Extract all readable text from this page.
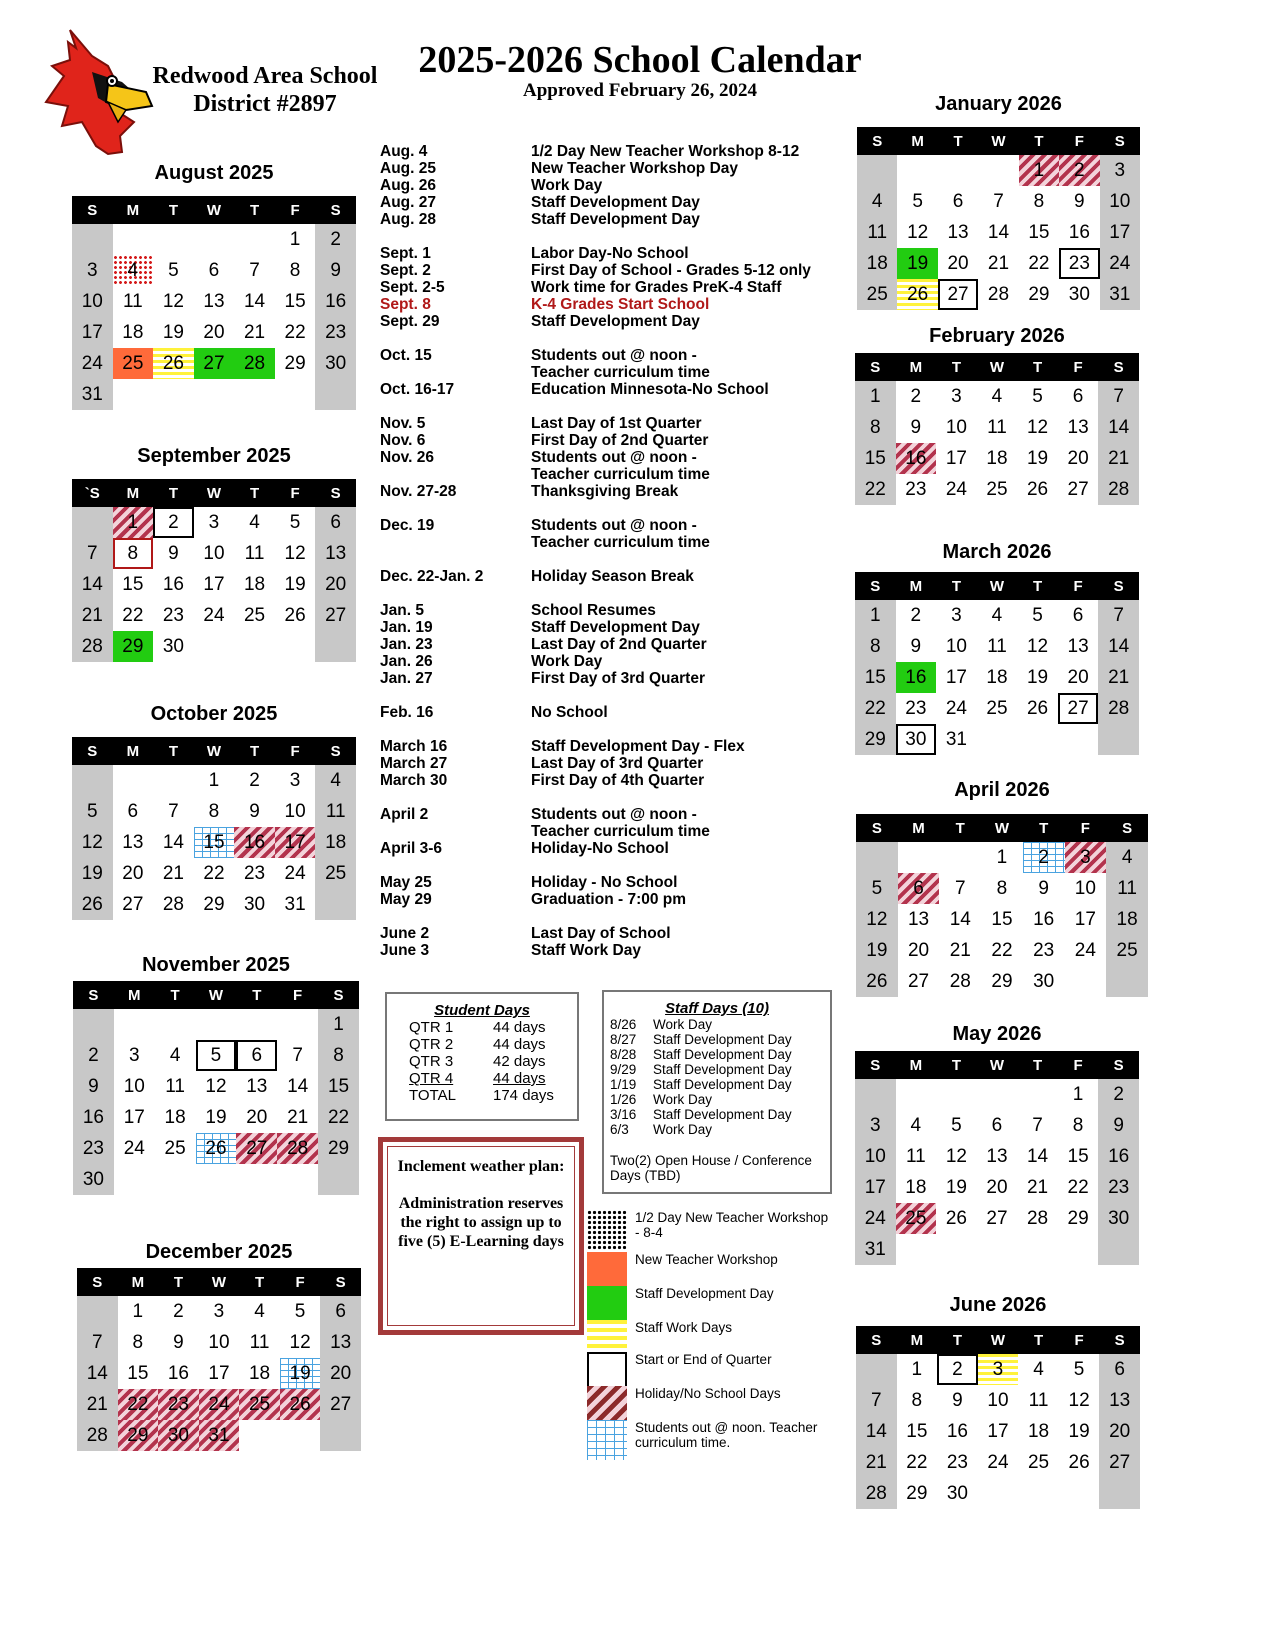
Redwood Area School
District #2897
2025-2026 School Calendar
Approved February 26, 2024
August 2025
S	M	T	W	T	F	S
					1	2
3	4	5	6	7	8	9
10	11	12	13	14	15	16
17	18	19	20	21	22	23
24	25	26	27	28	29	30
31						
September 2025
`S	M	T	W	T	F	S
	1	2	3	4	5	6
7	8	9	10	11	12	13
14	15	16	17	18	19	20
21	22	23	24	25	26	27
28	29	30				
October 2025
S	M	T	W	T	F	S
			1	2	3	4
5	6	7	8	9	10	11
12	13	14	15	16	17	18
19	20	21	22	23	24	25
26	27	28	29	30	31	
November 2025
S	M	T	W	T	F	S
						1
2	3	4	5	6	7	8
9	10	11	12	13	14	15
16	17	18	19	20	21	22
23	24	25	26	27	28	29
30						
December 2025
S	M	T	W	T	F	S
	1	2	3	4	5	6
7	8	9	10	11	12	13
14	15	16	17	18	19	20
21	22	23	24	25	26	27
28	29	30	31			
January 2026
S	M	T	W	T	F	S
				1	2	3
4	5	6	7	8	9	10
11	12	13	14	15	16	17
18	19	20	21	22	23	24
25	26	27	28	29	30	31
February 2026
S	M	T	W	T	F	S
1	2	3	4	5	6	7
8	9	10	11	12	13	14
15	16	17	18	19	20	21
22	23	24	25	26	27	28
March 2026
S	M	T	W	T	F	S
1	2	3	4	5	6	7
8	9	10	11	12	13	14
15	16	17	18	19	20	21
22	23	24	25	26	27	28
29	30	31				
April 2026
S	M	T	W	T	F	S
			1	2	3	4
5	6	7	8	9	10	11
12	13	14	15	16	17	18
19	20	21	22	23	24	25
26	27	28	29	30		
May 2026
S	M	T	W	T	F	S
					1	2
3	4	5	6	7	8	9
10	11	12	13	14	15	16
17	18	19	20	21	22	23
24	25	26	27	28	29	30
31						
June 2026
S	M	T	W	T	F	S
	1	2	3	4	5	6
7	8	9	10	11	12	13
14	15	16	17	18	19	20
21	22	23	24	25	26	27
28	29	30				
Aug. 4	1/2 Day New Teacher Workshop 8-12
Aug. 25	New Teacher Workshop Day
Aug. 26	Work Day
Aug. 27	Staff Development Day
Aug. 28	Staff Development Day
Sept. 1	Labor Day-No School
Sept. 2	First Day of School - Grades 5-12 only
Sept. 2-5	Work time for Grades PreK-4 Staff
Sept. 8	K-4 Grades Start School
Sept. 29	Staff Development Day
Oct. 15	Students out @ noon -
Teacher curriculum time
Oct. 16-17	Education Minnesota-No School
Nov. 5	Last Day of 1st Quarter
Nov. 6	First Day of 2nd Quarter
Nov. 26	Students out @ noon -
Teacher curriculum time
Nov. 27-28	Thanksgiving Break
Dec. 19	Students out @ noon -
Teacher curriculum time
Dec. 22-Jan. 2	Holiday Season Break
Jan. 5	School Resumes
Jan. 19	Staff Development Day
Jan. 23	Last Day of 2nd Quarter
Jan. 26	Work Day
Jan. 27	First Day of 3rd Quarter
Feb. 16	No School
March 16	Staff Development Day - Flex
March 27	Last Day of 3rd Quarter
March 30	First Day of 4th Quarter
April 2	Students out @ noon -
Teacher curriculum time
April 3-6	Holiday-No School
May 25	Holiday - No School
May 29	Graduation - 7:00 pm
June 2	Last Day of School
June 3	Staff Work Day
Student Days
QTR 1	44 days
QTR 2	44 days
QTR 3	42 days
QTR 4	44 days
TOTAL	174 days
Staff Days (10)
8/26	Work Day
8/27	Staff Development Day
8/28	Staff Development Day
9/29	Staff Development Day
1/19	Staff Development Day
1/26	Work Day
3/16	Staff Development Day
6/3	Work Day
Two(2) Open House / Conference Days (TBD)
Inclement weather plan:
Administration reserves the right to assign up to five (5) E-Learning days
1/2 Day New Teacher Workshop - 8-4
New Teacher Workshop
Staff Development Day
Staff Work Days
Start or End of Quarter
Holiday/No School Days
Students out @ noon. Teacher curriculum time.
